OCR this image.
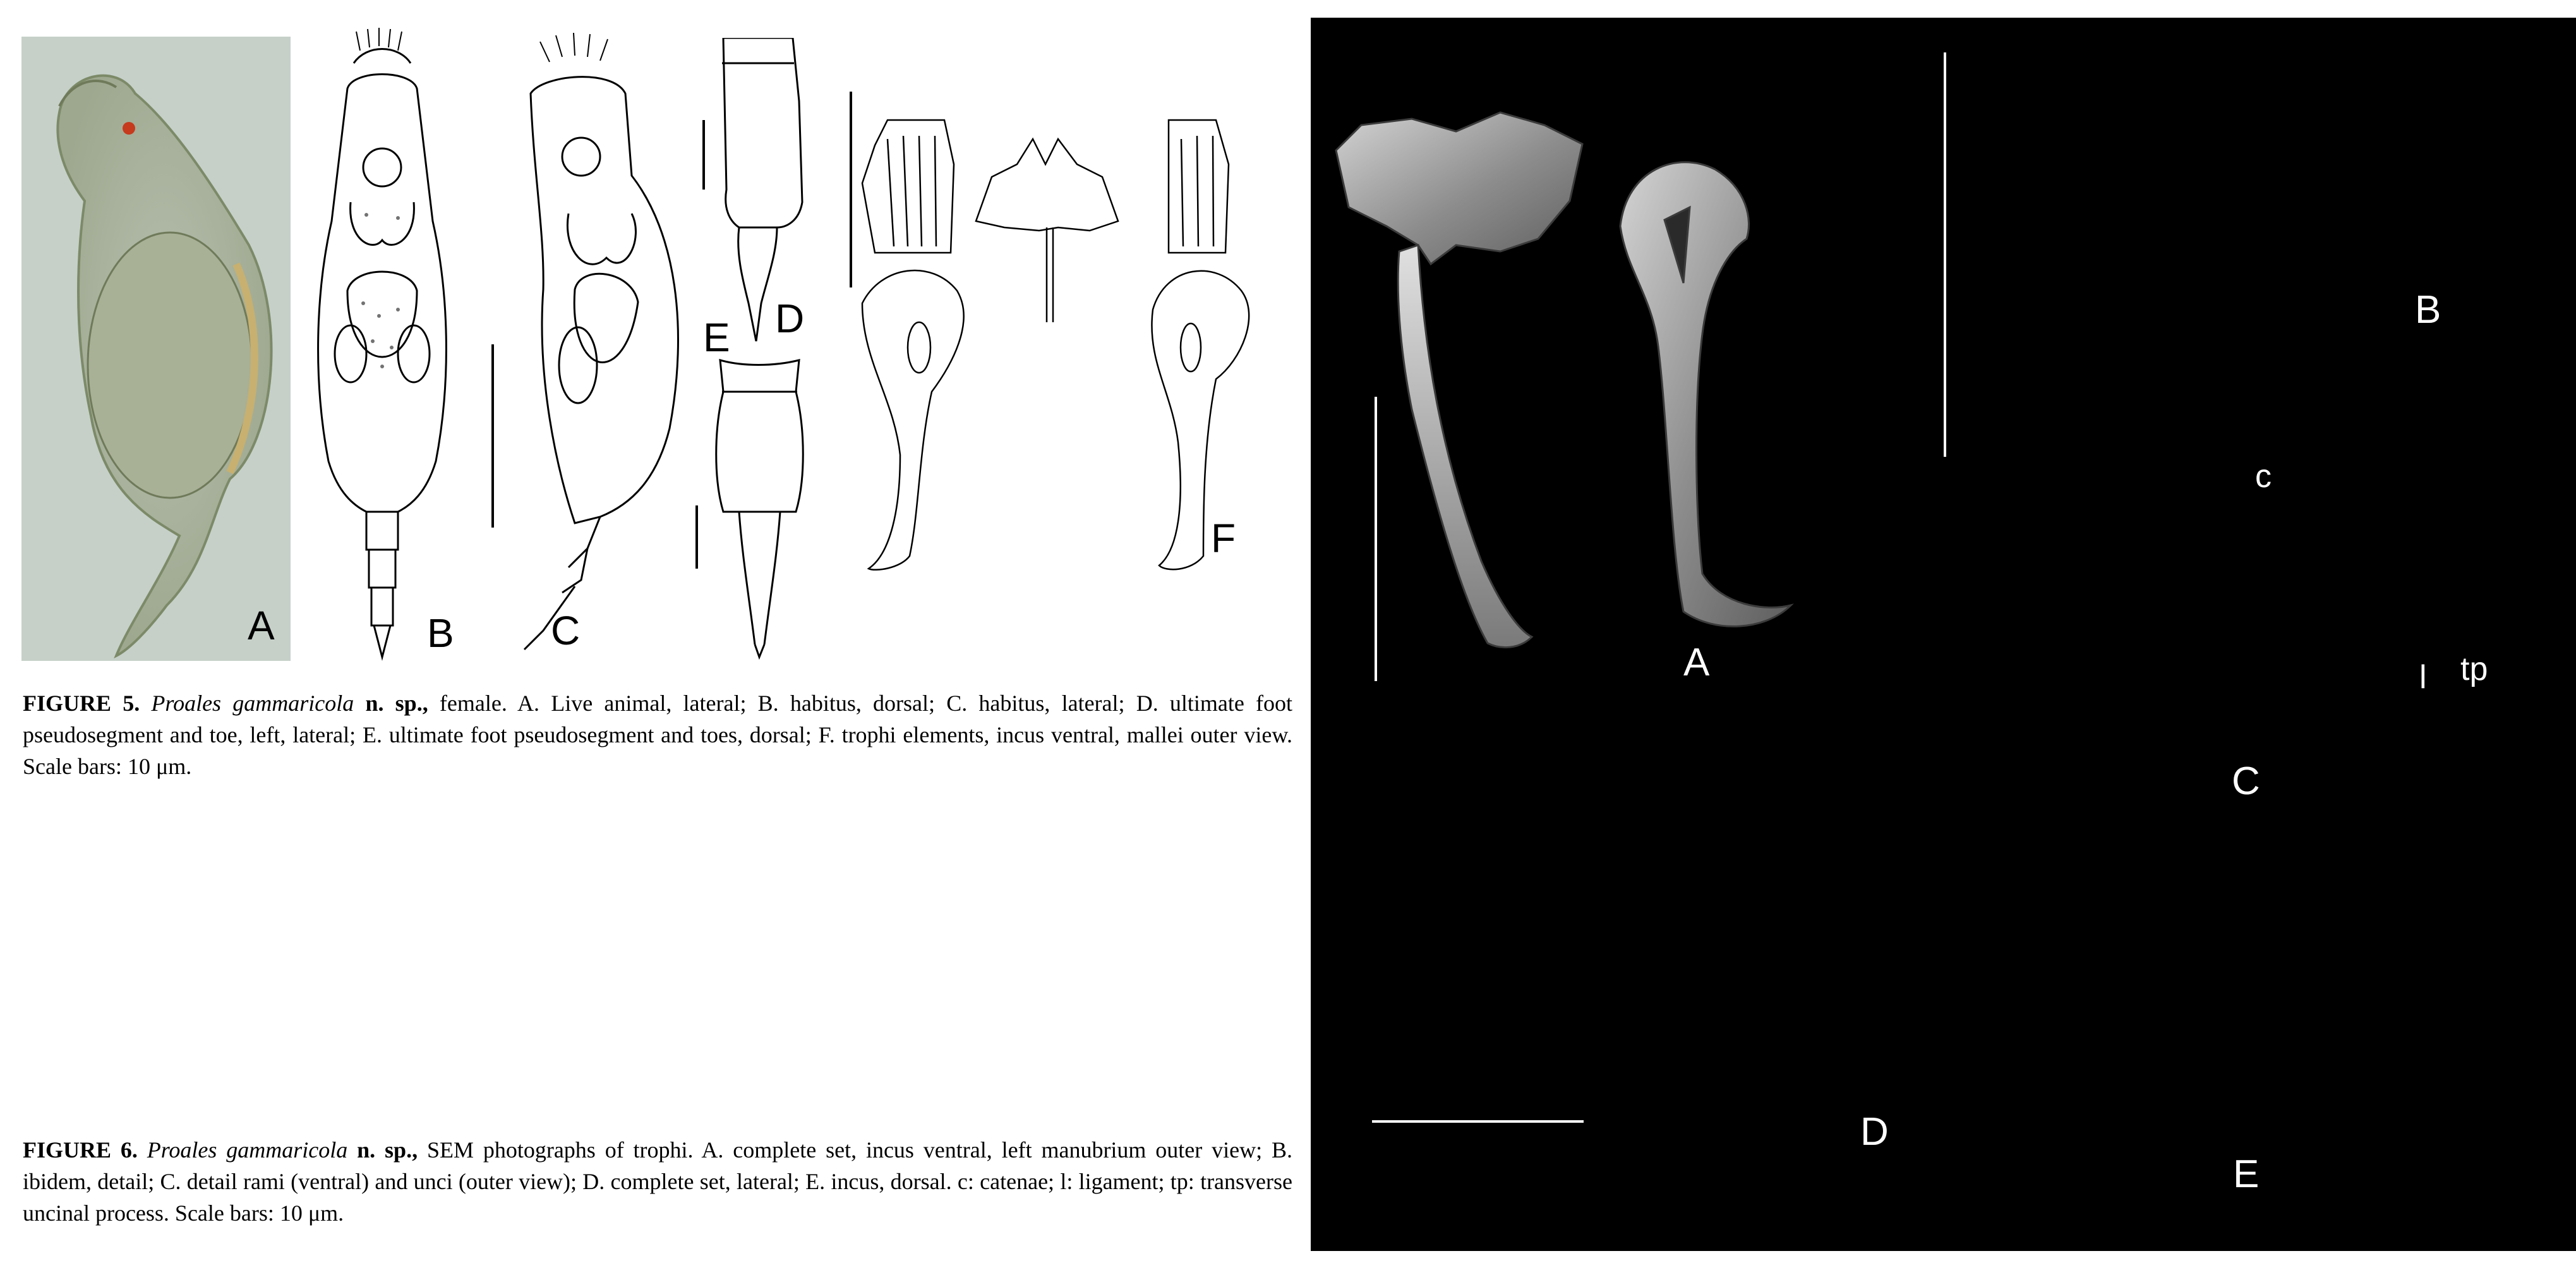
A	B C
D
E
F
FIGURE 5. Proales gammaricola n. sp., female. A. Live animal, lateral; B. habitus, dorsal; C. habitus, lateral; D. ultimate foot pseudosegment and toe, left, lateral; E. ultimate foot pseudosegment and toes, dorsal; F. trophi elements, incus ventral, mallei outer view. Scale bars: 10 μm.
FIGURE 6. Proales gammaricola n. sp., SEM photographs of trophi. A. complete set, incus ventral, left manubrium outer view; B. ibidem, detail; C. detail rami (ventral) and unci (outer view); D. complete set, lateral; E. incus, dorsal. c: catenae; l: ligament; tp: transverse uncinal process. Scale bars: 10 μm.
A
B
C
D
E
c
l tp
